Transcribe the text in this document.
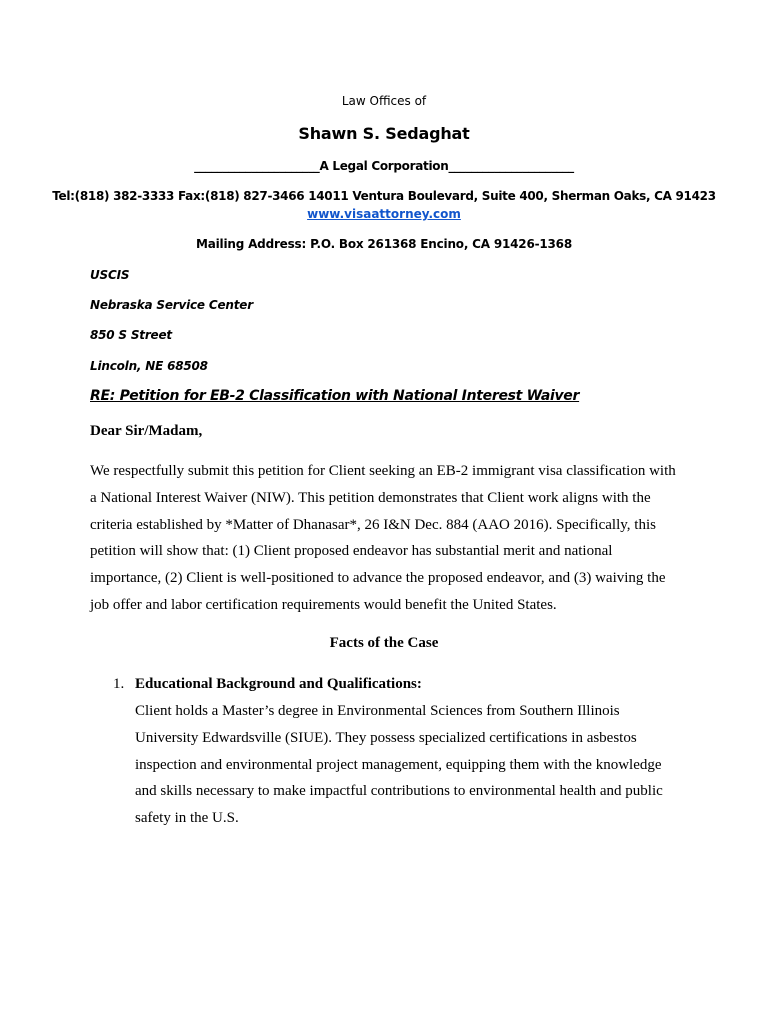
Law Offices of
Shawn S. Sedaghat
______________________A Legal Corporation______________________
Tel:(818) 382-3333 Fax:(818) 827-3466 14011 Ventura Boulevard, Suite 400, Sherman Oaks, CA 91423
www.visaattorney.com
Mailing Address: P.O. Box 261368 Encino, CA 91426-1368
USCIS
Nebraska Service Center
850 S Street
Lincoln, NE 68508
RE: Petition for EB-2 Classification with National Interest Waiver
Dear Sir/Madam,
We respectfully submit this petition for Client seeking an EB-2 immigrant visa classification with a National Interest Waiver (NIW). This petition demonstrates that Client work aligns with the criteria established by *Matter of Dhanasar*, 26 I&N Dec. 884 (AAO 2016). Specifically, this petition will show that: (1) Client proposed endeavor has substantial merit and national importance, (2) Client is well-positioned to advance the proposed endeavor, and (3) waiving the job offer and labor certification requirements would benefit the United States.
Facts of the Case
1. Educational Background and Qualifications:
Client holds a Master’s degree in Environmental Sciences from Southern Illinois University Edwardsville (SIUE). They possess specialized certifications in asbestos inspection and environmental project management, equipping them with the knowledge and skills necessary to make impactful contributions to environmental health and public safety in the U.S.
